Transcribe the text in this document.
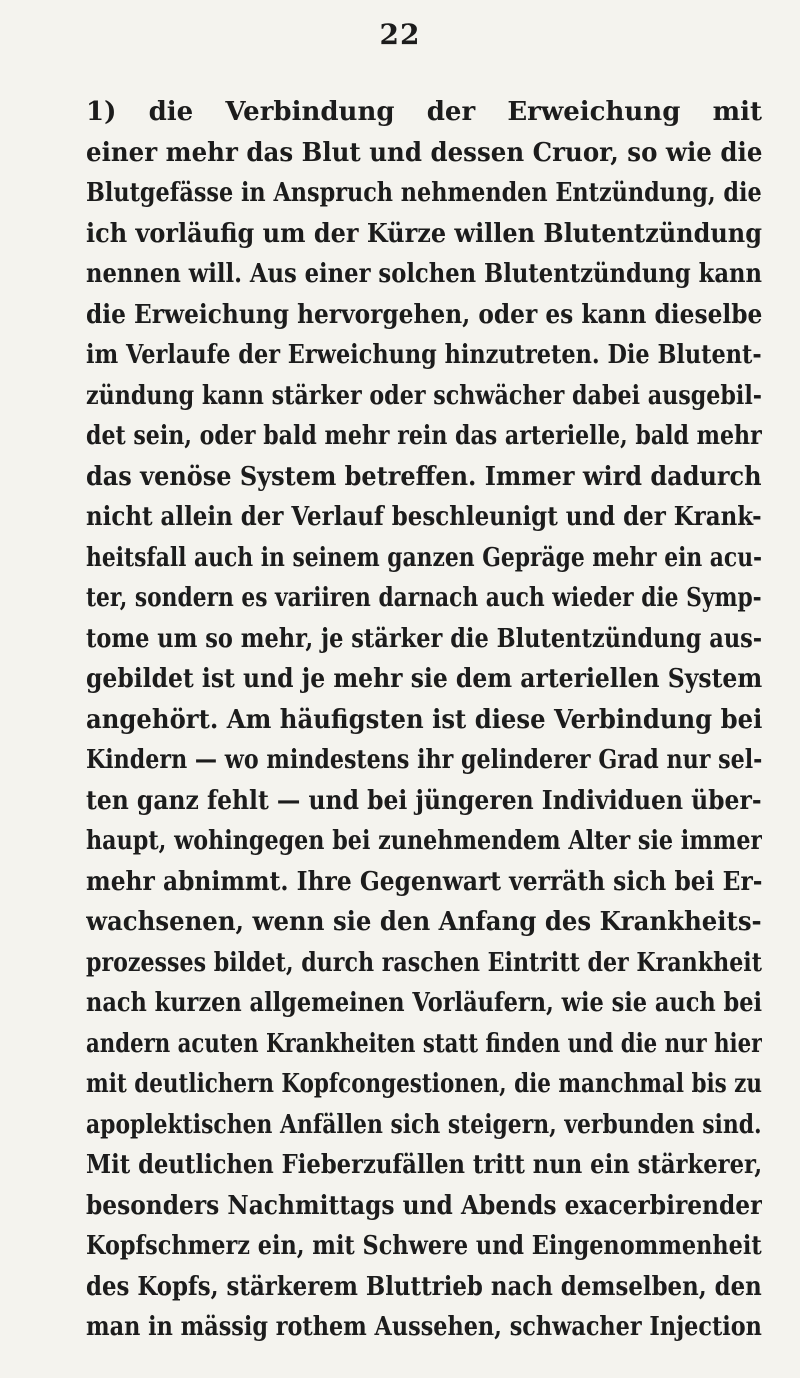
22
1) die Verbindung der Erweichung mit
einer mehr das Blut und dessen Cruor, so wie die
Blutgefässe in Anspruch nehmenden Entzündung, die
ich vorläufig um der Kürze willen Blutentzündung
nennen will. Aus einer solchen Blutentzündung kann
die Erweichung hervorgehen, oder es kann dieselbe
im Verlaufe der Erweichung hinzutreten. Die Blutent-
zündung kann stärker oder schwächer dabei ausgebil-
det sein, oder bald mehr rein das arterielle, bald mehr
das venöse System betreffen. Immer wird dadurch
nicht allein der Verlauf beschleunigt und der Krank-
heitsfall auch in seinem ganzen Gepräge mehr ein acu-
ter, sondern es variiren darnach auch wieder die Symp-
tome um so mehr, je stärker die Blutentzündung aus-
gebildet ist und je mehr sie dem arteriellen System
angehört. Am häufigsten ist diese Verbindung bei
Kindern — wo mindestens ihr gelinderer Grad nur sel-
ten ganz fehlt — und bei jüngeren Individuen über-
haupt, wohingegen bei zunehmendem Alter sie immer
mehr abnimmt. Ihre Gegenwart verräth sich bei Er-
wachsenen, wenn sie den Anfang des Krankheits-
prozesses bildet, durch raschen Eintritt der Krankheit
nach kurzen allgemeinen Vorläufern, wie sie auch bei
andern acuten Krankheiten statt finden und die nur hier
mit deutlichern Kopfcongestionen, die manchmal bis zu
apoplektischen Anfällen sich steigern, verbunden sind.
Mit deutlichen Fieberzufällen tritt nun ein stärkerer,
besonders Nachmittags und Abends exacerbirender
Kopfschmerz ein, mit Schwere und Eingenommenheit
des Kopfs, stärkerem Bluttrieb nach demselben, den
man in mässig rothem Aussehen, schwacher Injection
